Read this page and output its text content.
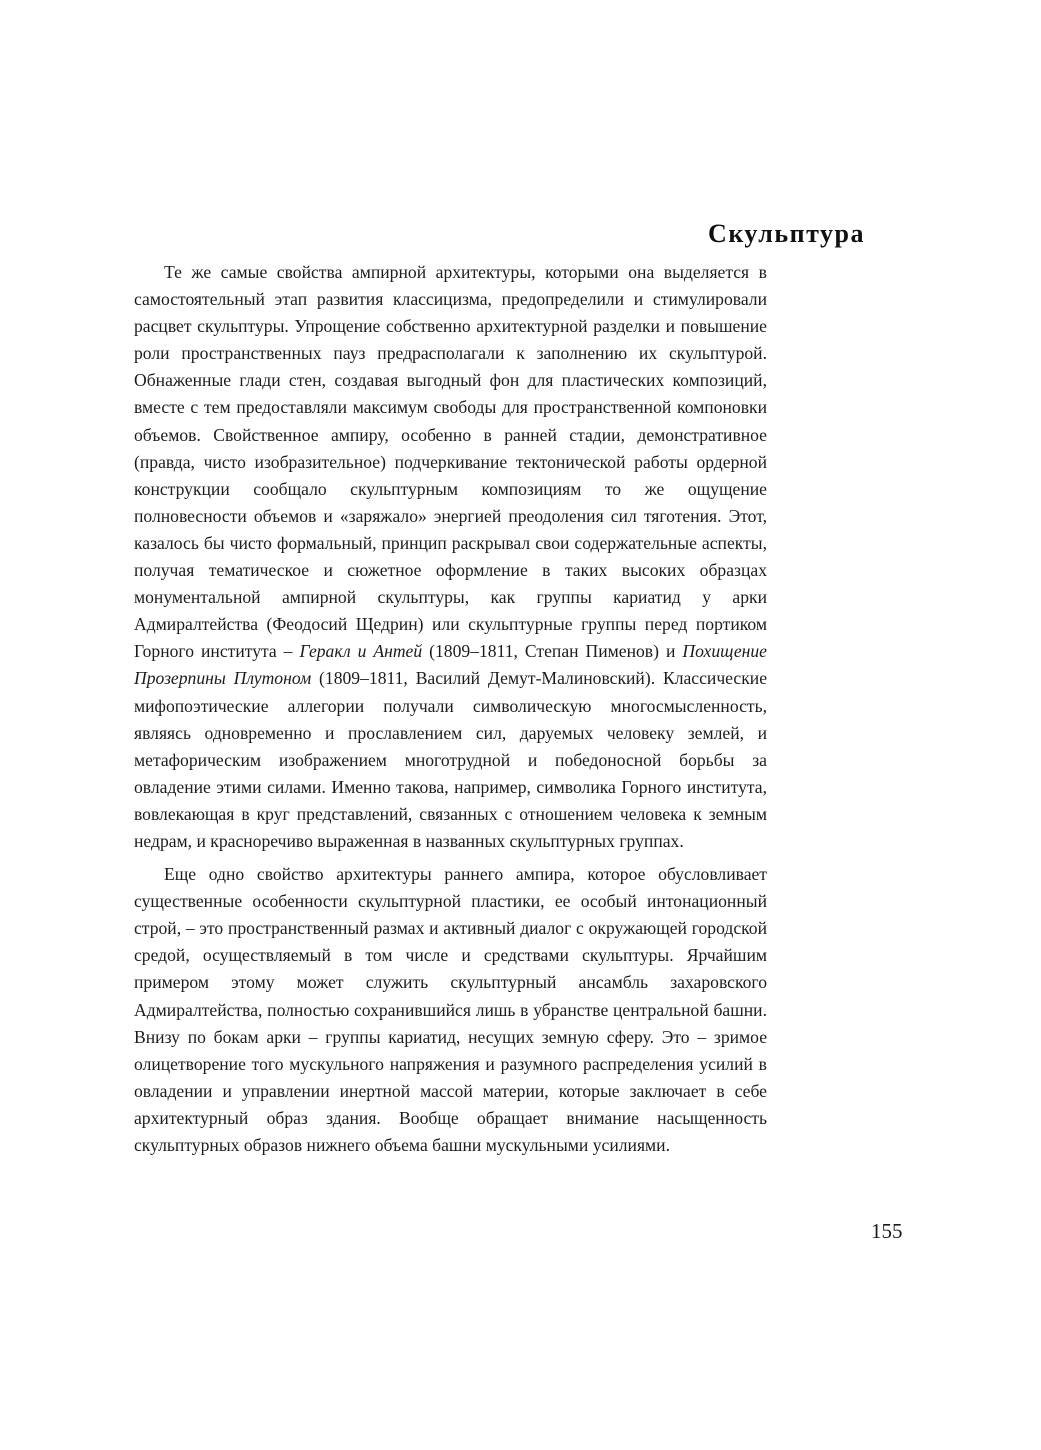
Скульптура

Те же самые свойства ампирной архитектуры, которыми она выделяется в самостоятельный этап развития классицизма, предопределили и стимулировали расцвет скульптуры. Упрощение собственно архитектурной разделки и повышение роли пространственных пауз предрасполагали к заполнению их скульптурой. Обнаженные глади стен, создавая выгодный фон для пластических композиций, вместе с тем предоставляли максимум свободы для пространственной компоновки объемов. Свойственное ампиру, особенно в ранней стадии, демонстративное (правда, чисто изобразительное) подчеркивание тектонической работы ордерной конструкции сообщало скульптурным композициям то же ощущение полновесности объемов и «заряжало» энергией преодоления сил тяготения. Этот, казалось бы чисто формальный, принцип раскрывал свои содержательные аспекты, получая тематическое и сюжетное оформление в таких высоких образцах монументальной ампирной скульптуры, как группы кариатид у арки Адмиралтейства (Феодосий Щедрин) или скульптурные группы перед портиком Горного института – Геракл и Антей (1809–1811, Степан Пименов) и Похищение Прозерпины Плутоном (1809–1811, Василий Демут-Малиновский). Классические мифопоэтические аллегории получали символическую многосмысленность, являясь одновременно и прославлением сил, даруемых человеку землей, и метафорическим изображением многотрудной и победоносной борьбы за овладение этими силами. Именно такова, например, символика Горного института, вовлекающая в круг представлений, связанных с отношением человека к земным недрам, и красноречиво выраженная в названных скульптурных группах.

Еще одно свойство архитектуры раннего ампира, которое обусловливает существенные особенности скульптурной пластики, ее особый интонационный строй, – это пространственный размах и активный диалог с окружающей городской средой, осуществляемый в том числе и средствами скульптуры. Ярчайшим примером этому может служить скульптурный ансамбль захаровского Адмиралтейства, полностью сохранившийся лишь в убранстве центральной башни. Внизу по бокам арки – группы кариатид, несущих земную сферу. Это – зримое олицетворение того мускульного напряжения и разумного распределения усилий в овладении и управлении инертной массой материи, которые заключает в себе архитектурный образ здания. Вообще обращает внимание насыщенность скульптурных образов нижнего объема башни мускульными усилиями.

155
